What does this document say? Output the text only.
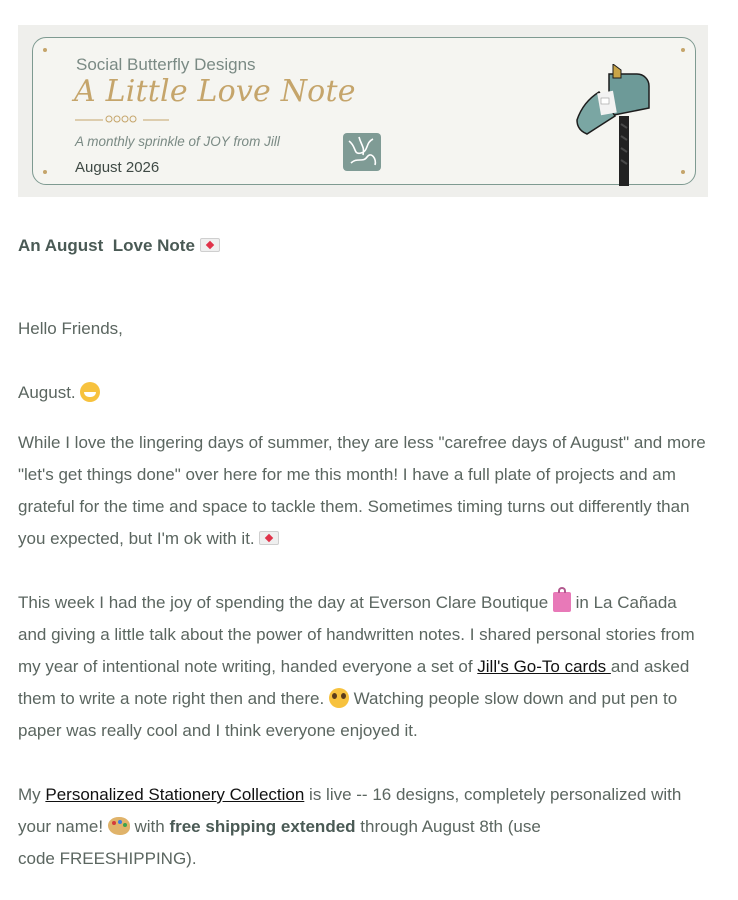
Social Butterfly Designs
A Little Love Note
A monthly sprinkle of JOY from Jill
August 2026
An August  Love Note
Hello Friends,
August.
While I love the lingering days of summer, they are less "carefree days of August" and more "let's get things done" over here for me this month! I have a full plate of projects and am grateful for the time and space to tackle them. Sometimes timing turns out differently than you expected, but I'm ok with it.
This week I had the joy of spending the day at Everson Clare Boutique  in La Cañada and giving a little talk about the power of handwritten notes. I shared personal stories from my year of intentional note writing, handed everyone a set of Jill's Go-To cards and asked them to write a note right then and there.  Watching people slow down and put pen to paper was really cool and I think everyone enjoyed it.
My Personalized Stationery Collection is live -- 16 designs, completely personalized with your name!  with free shipping extended through August 8th (use
code FREESHIPPING).
